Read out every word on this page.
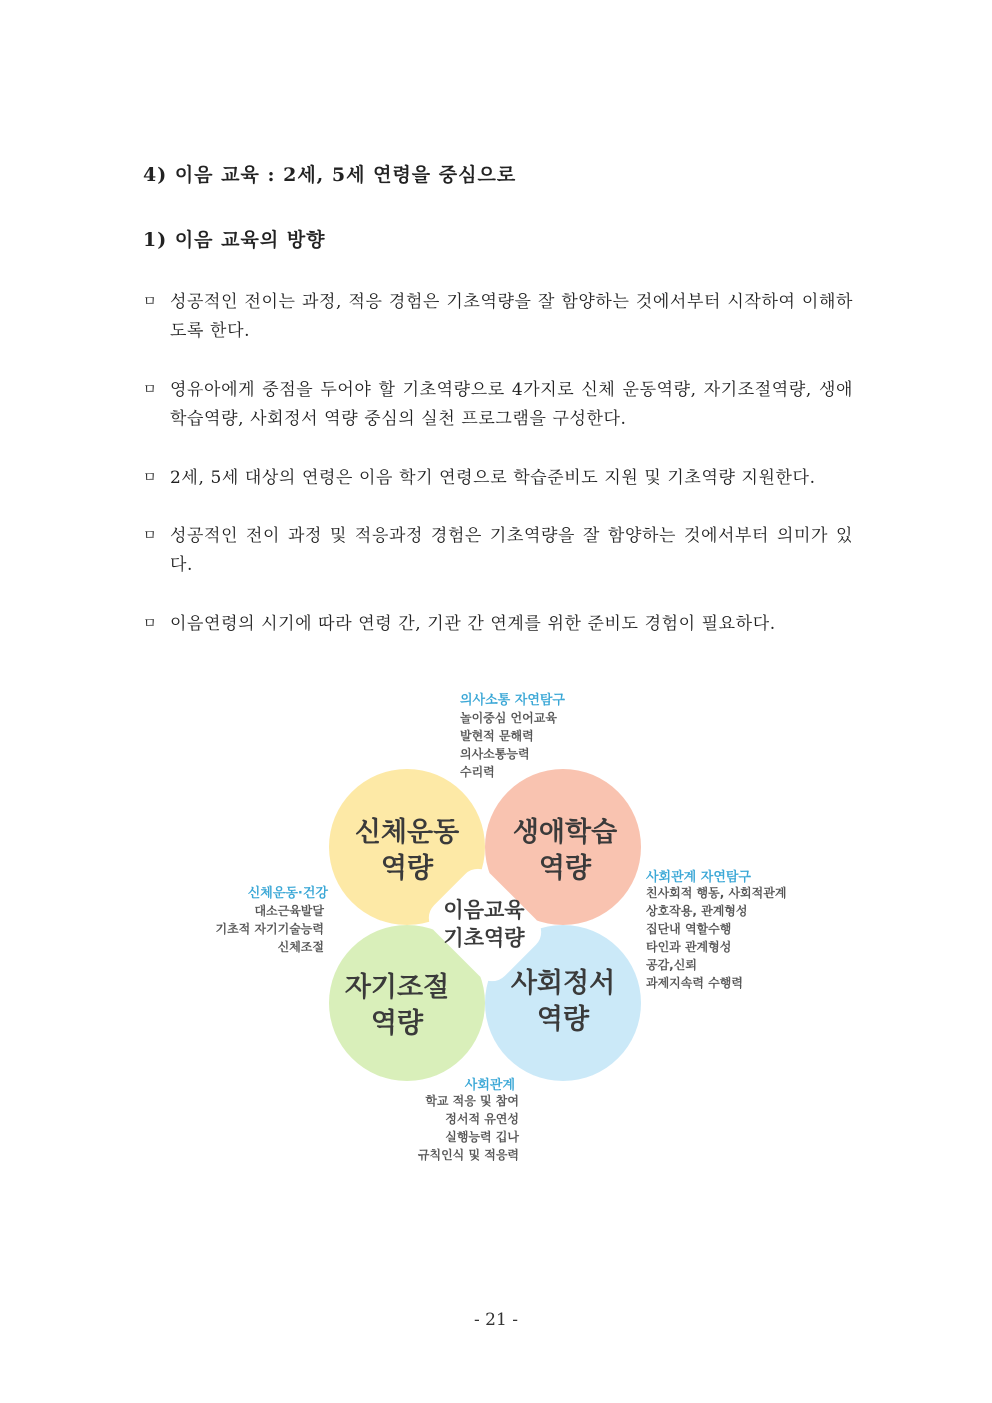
4) 이음 교육 : 2세, 5세 연령을 중심으로
1) 이음 교육의 방향
ㅁ 성공적인 전이는 과정, 적응 경험은 기초역량을 잘 함양하는 것에서부터 시작하여 이해하도록 한다.
ㅁ 영유아에게 중점을 두어야 할 기초역량으로 4가지로 신체 운동역량, 자기조절역량, 생애학습역량, 사회정서 역량 중심의 실천 프로그램을 구성한다.
ㅁ 2세, 5세 대상의 연령은 이음 학기 연령으로 학습준비도 지원 및 기초역량 지원한다.
ㅁ 성공적인 전이 과정 및 적응과정 경험은 기초역량을 잘 함양하는 것에서부터 의미가 있다.
ㅁ 이음연령의 시기에 따라 연령 간, 기관 간 연계를 위한 준비도 경험이 필요하다.
신체운동
역량
생애학습
역량
자기조절
역량
사회정서
역량
이음교육
기초역량
의사소통 자연탐구
놀이중심 언어교육
발현적 문해력
의사소통능력
수리력
신체운동·건강
대소근육발달
기초적 자기기술능력
신체조절
사회관계 자연탐구
친사회적 행동, 사회적관계
상호작용, 관계형성
집단내 역할수행
타인과 관계형성
공감,신뢰
과제지속력 수행력
사회관계
학교 적응 및 참여
정서적 유연성
실행능력 깁나
규칙인식 및 적응력
- 21 -
